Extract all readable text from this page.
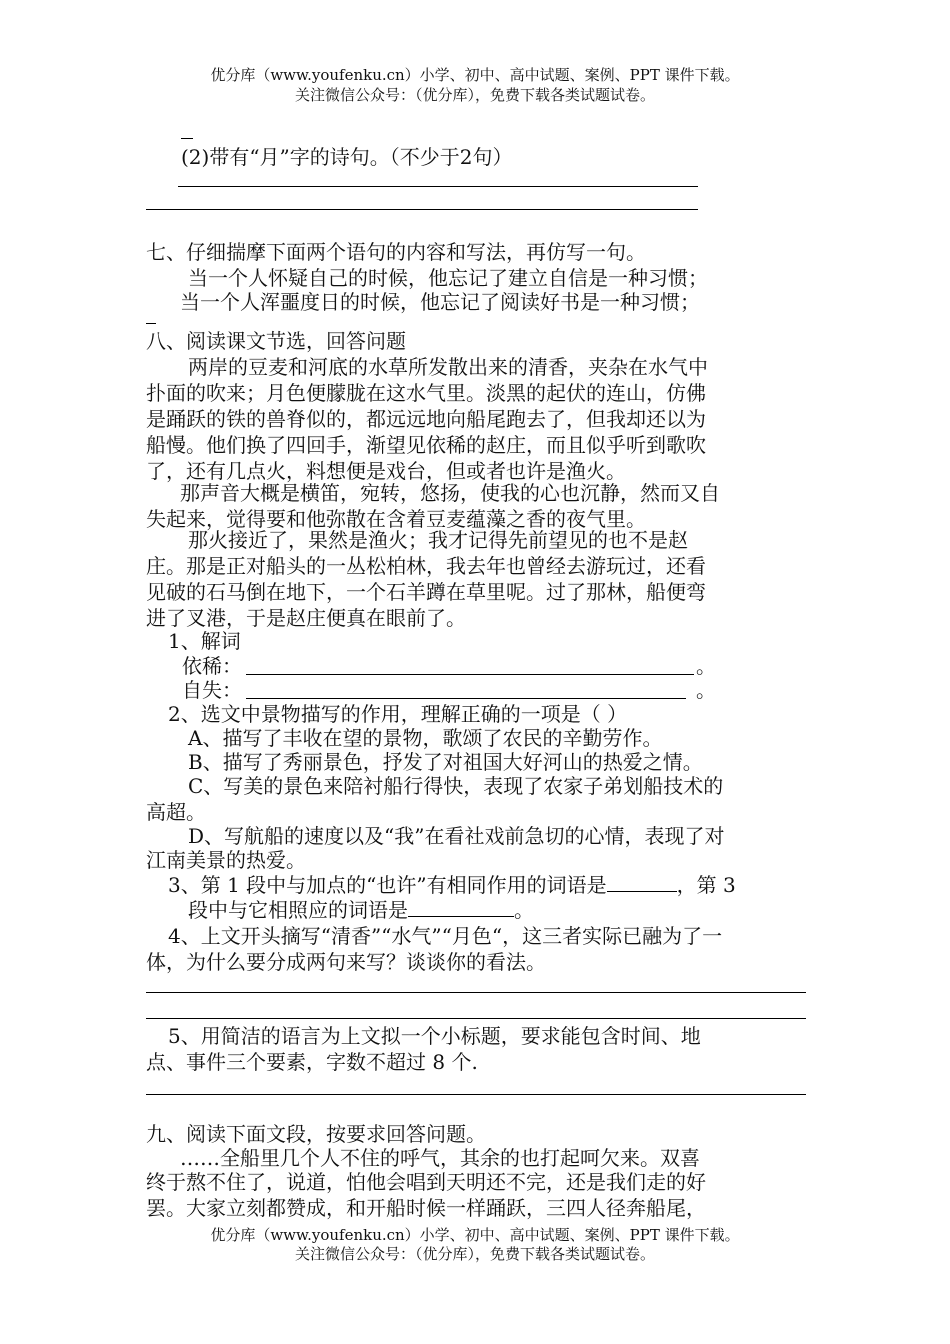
优分库（www.youfenku.cn）小学、初中、高中试题、案例、PPT 课件下载。
关注微信公众号：（优分库），免费下载各类试题试卷。
(2)带有“月”字的诗句。（不少于2句）
七、仔细揣摩下面两个语句的内容和写法，再仿写一句。
当一个人怀疑自己的时候，他忘记了建立自信是一种习惯；
当一个人浑噩度日的时候，他忘记了阅读好书是一种习惯；
八、阅读课文节选，回答问题
两岸的豆麦和河底的水草所发散出来的清香，夹杂在水气中
扑面的吹来；月色便朦胧在这水气里。淡黑的起伏的连山，仿佛
是踊跃的铁的兽脊似的，都远远地向船尾跑去了，但我却还以为
船慢。他们换了四回手，渐望见依稀的赵庄，而且似乎听到歌吹
了，还有几点火，料想便是戏台，但或者也许是渔火。
那声音大概是横笛，宛转，悠扬，使我的心也沉静，然而又自
失起来，觉得要和他弥散在含着豆麦蕴藻之香的夜气里。
那火接近了，果然是渔火；我才记得先前望见的也不是赵
庄。那是正对船头的一丛松柏林，我去年也曾经去游玩过，还看
见破的石马倒在地下，一个石羊蹲在草里呢。过了那林，船便弯
进了叉港，于是赵庄便真在眼前了。
1、解词
依稀：	。
自失：	。
2、选文中景物描写的作用，理解正确的一项是（ ）
A、描写了丰收在望的景物，歌颂了农民的辛勤劳作。
B、描写了秀丽景色，抒发了对祖国大好河山的热爱之情。
C、写美的景色来陪衬船行得快，表现了农家子弟划船技术的
高超。
D、写航船的速度以及“我”在看社戏前急切的心情，表现了对
江南美景的热爱。
3、第 1 段中与加点的“也许”有相同作用的词语是	，第 3
段中与它相照应的词语是	。
4、上文开头摘写“清香”“水气”“月色“，这三者实际已融为了一
体，为什么要分成两句来写？谈谈你的看法。
5、用简洁的语言为上文拟一个小标题，要求能包含时间、地
点、事件三个要素，字数不超过 8 个.
九、阅读下面文段，按要求回答问题。
……全船里几个人不住的呼气，其余的也打起呵欠来。双喜
终于熬不住了，说道，怕他会唱到天明还不完，还是我们走的好
罢。大家立刻都赞成，和开船时候一样踊跃，三四人径奔船尾，
优分库（www.youfenku.cn）小学、初中、高中试题、案例、PPT 课件下载。
关注微信公众号：（优分库），免费下载各类试题试卷。
